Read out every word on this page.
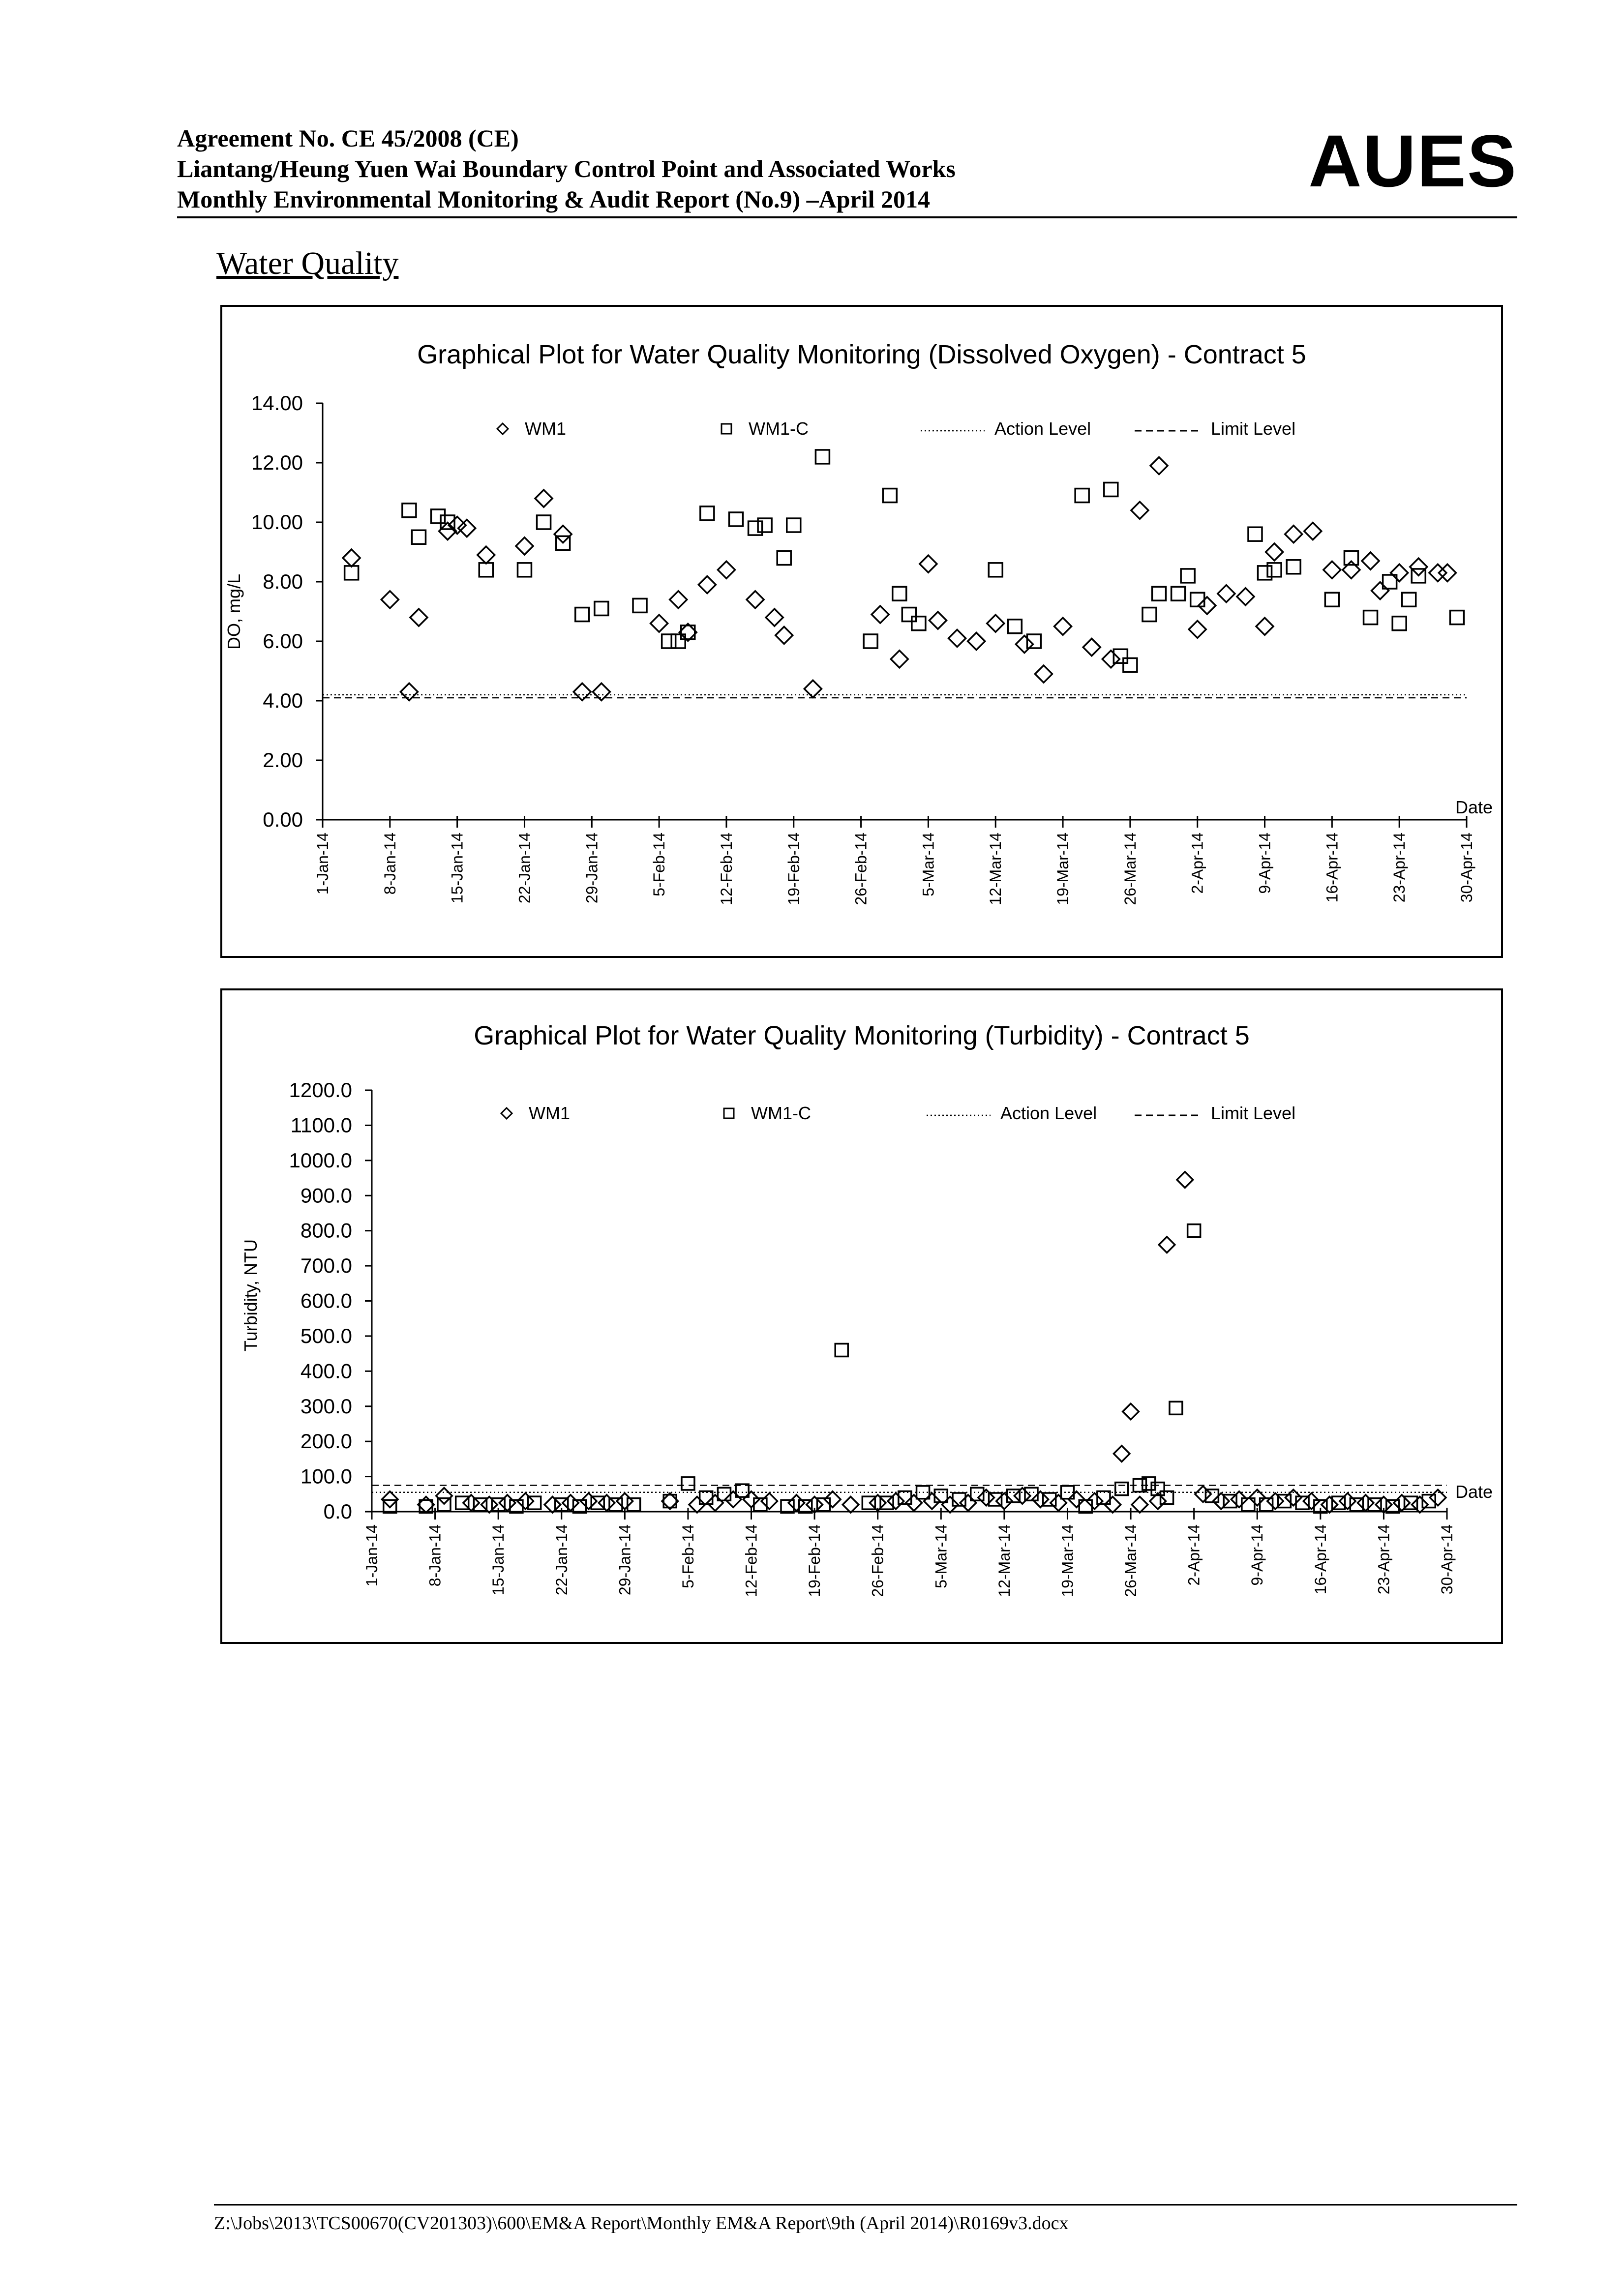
Agreement No. CE 45/2008 (CE)
Liantang/Heung Yuen Wai Boundary Control Point and Associated Works
Monthly Environmental Monitoring & Audit Report (No.9) –April 2014	AUES
Water Quality
Graphical Plot for Water Quality Monitoring (Dissolved Oxygen) - Contract 5
0.00
2.00
4.00
6.00
8.00
10.00
12.00
14.00
DO, mg/L
1-Jan-14	8-Jan-14	15-Jan-14	22-Jan-14	29-Jan-14	5-Feb-14	12-Feb-14	19-Feb-14	26-Feb-14	5-Mar-14	12-Mar-14	19-Mar-14	26-Mar-14	2-Apr-14	9-Apr-14	16-Apr-14	23-Apr-14	30-Apr-14
Date
WM1	WM1-C	Action Level	Limit Level
Graphical Plot for Water Quality Monitoring (Turbidity) - Contract 5
0.0
100.0
200.0
300.0
400.0
500.0
600.0
700.0
800.0
900.0
1000.0
1100.0
1200.0
Turbidity, NTU
1-Jan-14	8-Jan-14	15-Jan-14	22-Jan-14	29-Jan-14	5-Feb-14	12-Feb-14	19-Feb-14	26-Feb-14	5-Mar-14	12-Mar-14	19-Mar-14	26-Mar-14	2-Apr-14	9-Apr-14	16-Apr-14	23-Apr-14	30-Apr-14
Date
WM1	WM1-C	Action Level	Limit Level
Z:\Jobs\2013\TCS00670(CV201303)\600\EM&A Report\Monthly EM&A Report\9th (April 2014)\R0169v3.docx
